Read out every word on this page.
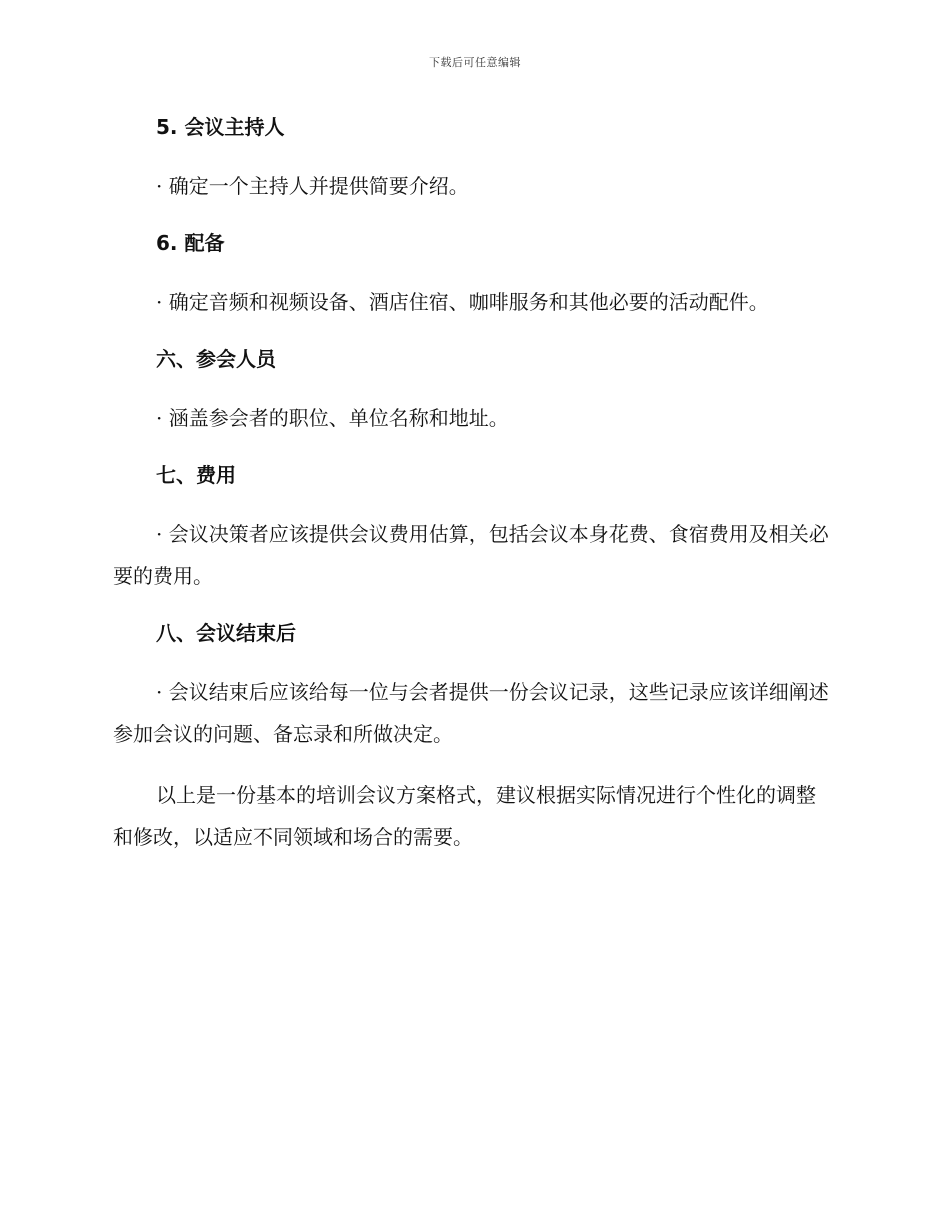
下载后可任意编辑
5. 会议主持人

· 确定一个主持人并提供简要介绍。

6. 配备

· 确定音频和视频设备、酒店住宿、咖啡服务和其他必要的活动配件。

六、参会人员

· 涵盖参会者的职位、单位名称和地址。

七、费用

· 会议决策者应该提供会议费用估算，包括会议本身花费、食宿费用及相关必要的费用。

八、会议结束后

· 会议结束后应该给每一位与会者提供一份会议记录，这些记录应该详细阐述参加会议的问题、备忘录和所做决定。

以上是一份基本的培训会议方案格式，建议根据实际情况进行个性化的调整和修改，以适应不同领域和场合的需要。
